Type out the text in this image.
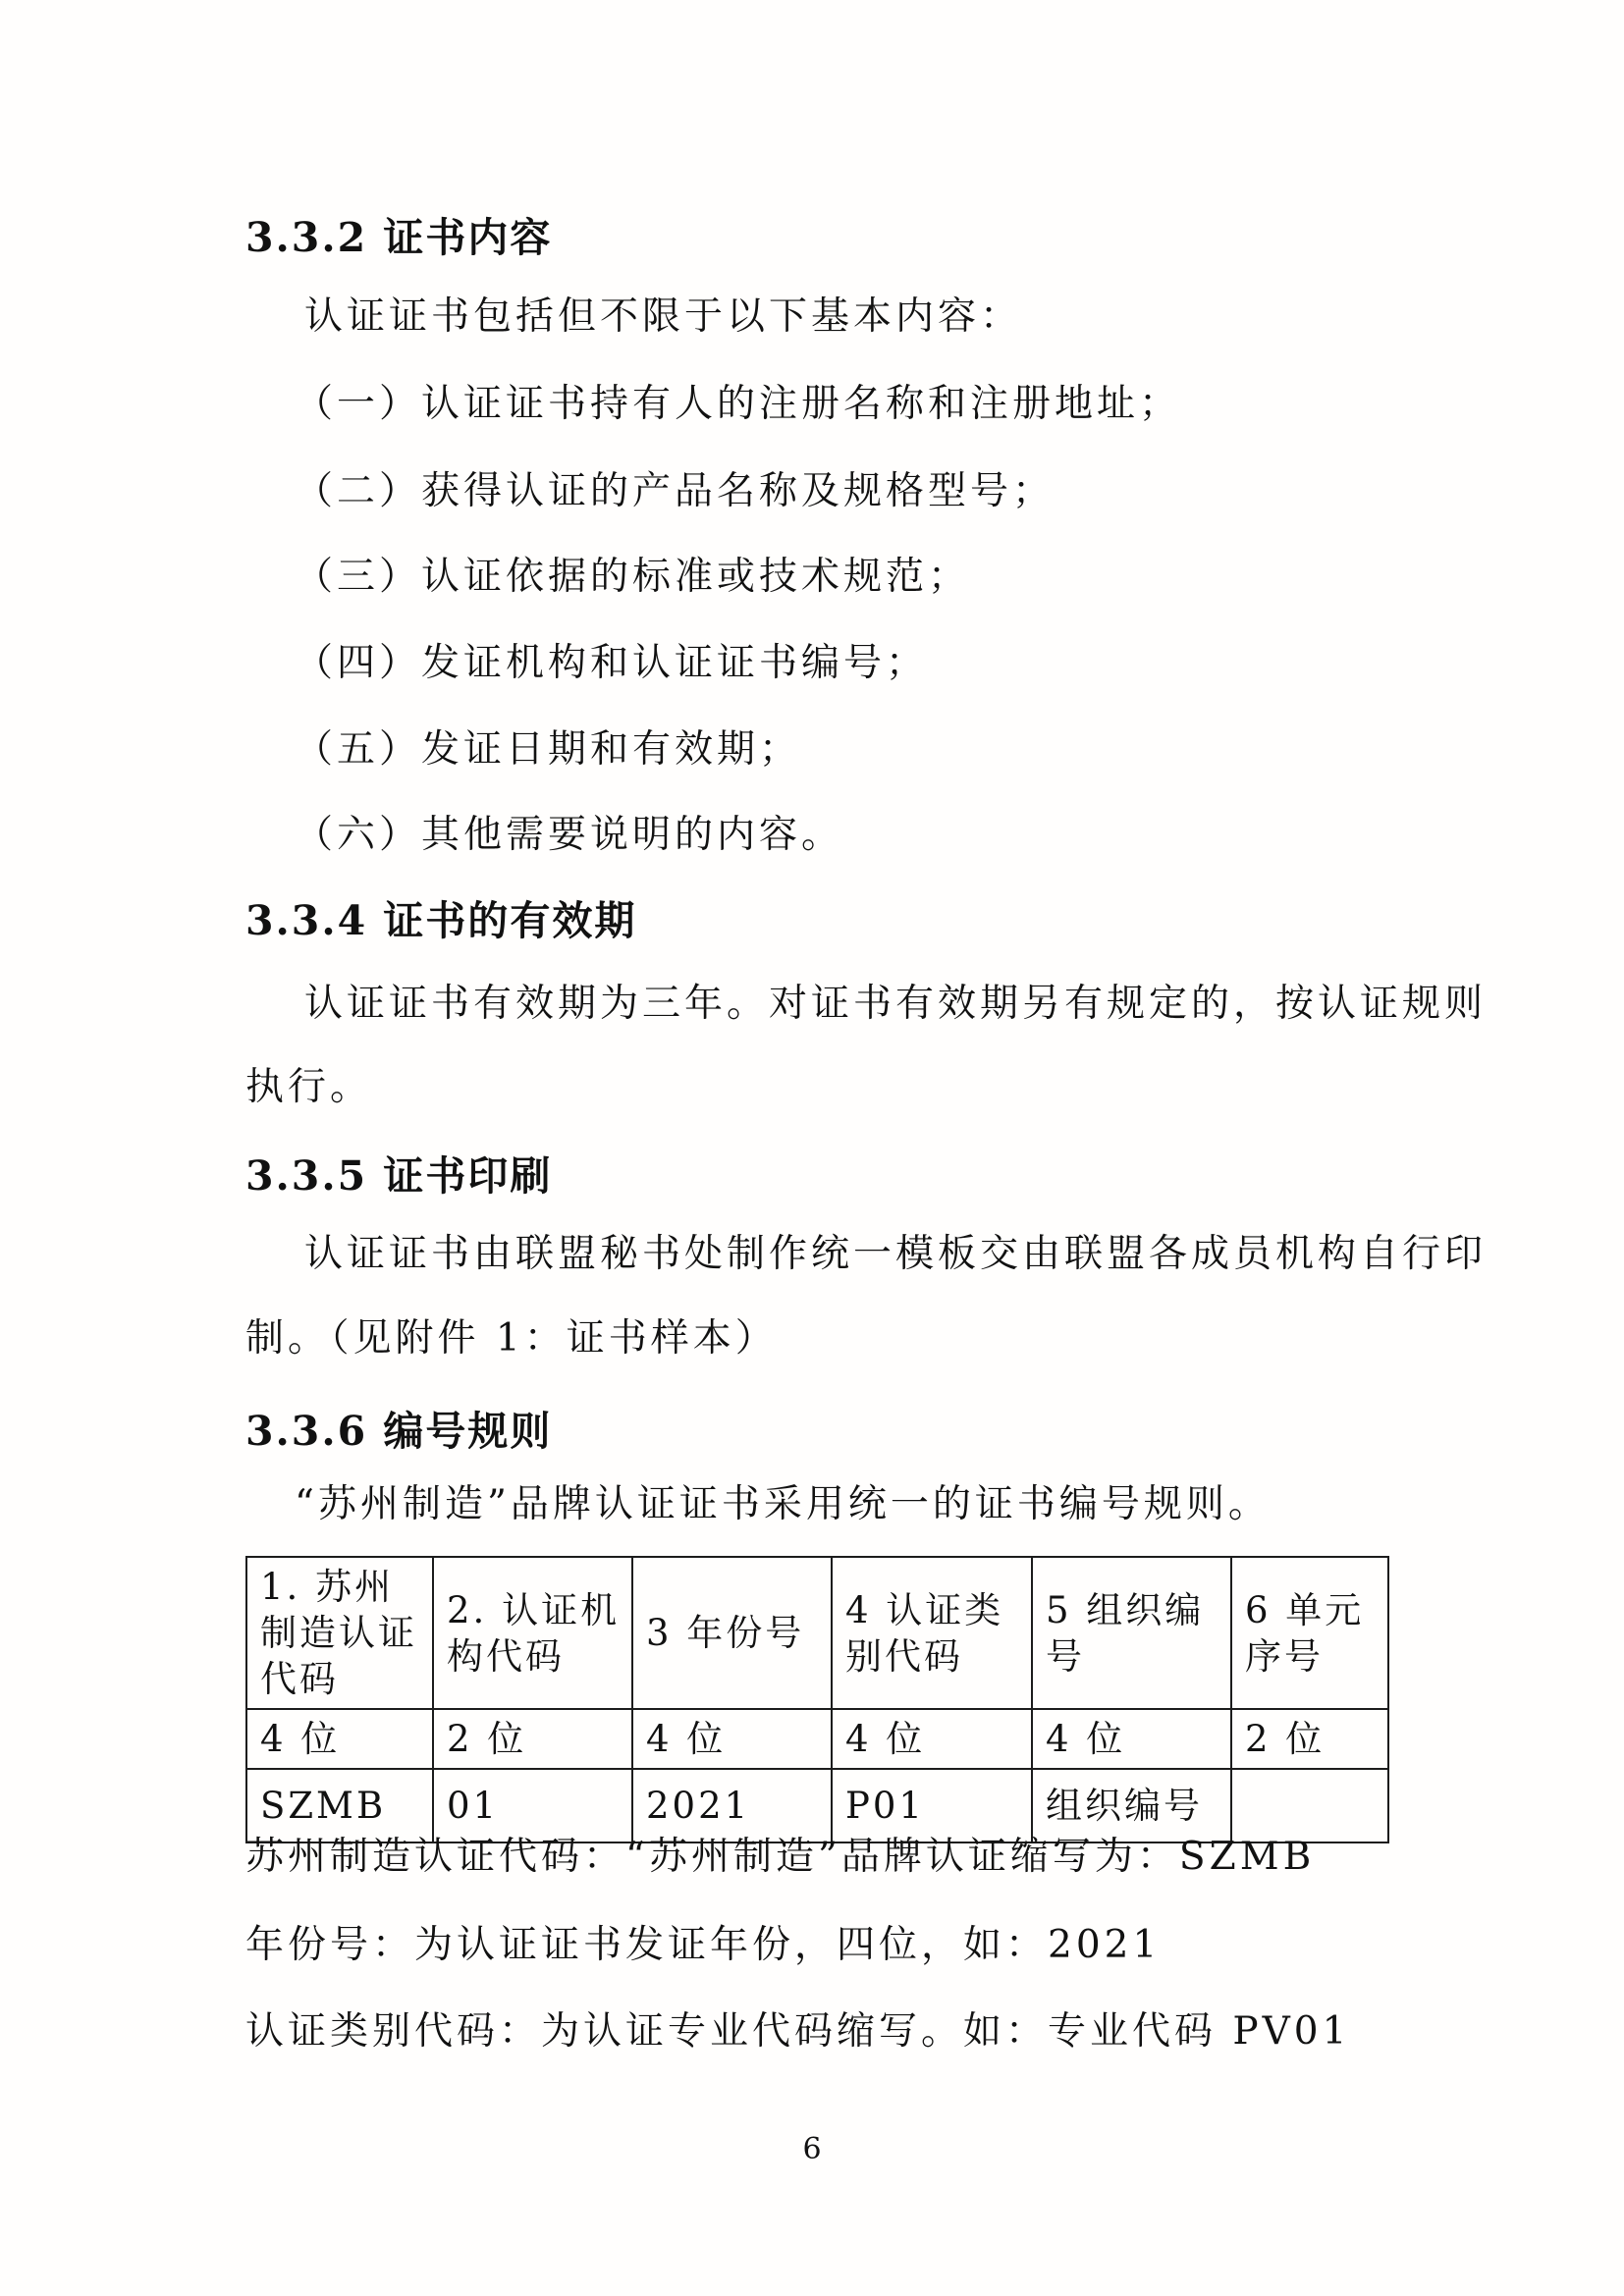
3.3.2 证书内容
认证证书包括但不限于以下基本内容：
（一）认证证书持有人的注册名称和注册地址；
（二）获得认证的产品名称及规格型号；
（三）认证依据的标准或技术规范；
（四）发证机构和认证证书编号；
（五）发证日期和有效期；
（六）其他需要说明的内容。
3.3.4 证书的有效期
认证证书有效期为三年。对证书有效期另有规定的，按认证规则
执行。
3.3.5 证书印刷
认证证书由联盟秘书处制作统一模板交由联盟各成员机构自行印
制。（见附件 1：证书样本）
3.3.6 编号规则
“苏州制造”品牌认证证书采用统一的证书编号规则。
1. 苏州制造认证代码	2. 认证机构代码	3 年份号	4 认证类别代码	5 组织编号	6 单元序号
4 位	2 位	4 位	4 位	4 位	2 位
SZMB	01	2021	P01	组织编号	
苏州制造认证代码：“苏州制造”品牌认证缩写为：SZMB
年份号：为认证证书发证年份，四位，如：2021
认证类别代码：为认证专业代码缩写。如：专业代码 PV01
6
